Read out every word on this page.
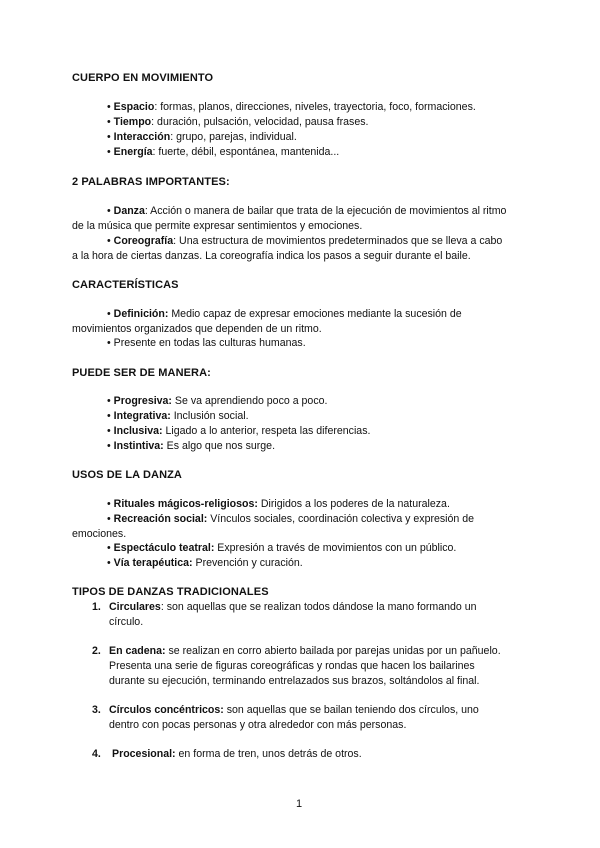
CUERPO EN MOVIMIENTO
• Espacio: formas, planos, direcciones, niveles, trayectoria, foco, formaciones.
• Tiempo: duración, pulsación, velocidad, pausa frases.
• Interacción: grupo, parejas, individual.
• Energía: fuerte, débil, espontánea, mantenida...
2 PALABRAS IMPORTANTES:
• Danza: Acción o manera de bailar que trata de la ejecución de movimientos al ritmo
de la música que permite expresar sentimientos y emociones.
• Coreografía: Una estructura de movimientos predeterminados que se lleva a cabo
a la hora de ciertas danzas. La coreografía indica los pasos a seguir durante el baile.
CARACTERÍSTICAS
• Definición: Medio capaz de expresar emociones mediante la sucesión de
movimientos organizados que dependen de un ritmo.
• Presente en todas las culturas humanas.
PUEDE SER DE MANERA:
• Progresiva: Se va aprendiendo poco a poco.
• Integrativa: Inclusión social.
• Inclusiva: Ligado a lo anterior, respeta las diferencias.
• Instintiva: Es algo que nos surge.
USOS DE LA DANZA
• Rituales mágicos-religiosos: Dirigidos a los poderes de la naturaleza.
• Recreación social: Vínculos sociales, coordinación colectiva y expresión de
emociones.
• Espectáculo teatral: Expresión a través de movimientos con un público.
• Vía terapéutica: Prevención y curación.
TIPOS DE DANZAS TRADICIONALES
1. Circulares: son aquellas que se realizan todos dándose la mano formando un
círculo.
2. En cadena: se realizan en corro abierto bailada por parejas unidas por un pañuelo.
Presenta una serie de figuras coreográficas y rondas que hacen los bailarines
durante su ejecución, terminando entrelazados sus brazos, soltándolos al final.
3. Círculos concéntricos: son aquellas que se bailan teniendo dos círculos, uno
dentro con pocas personas y otra alrededor con más personas.
4. Procesional: en forma de tren, unos detrás de otros.
1
